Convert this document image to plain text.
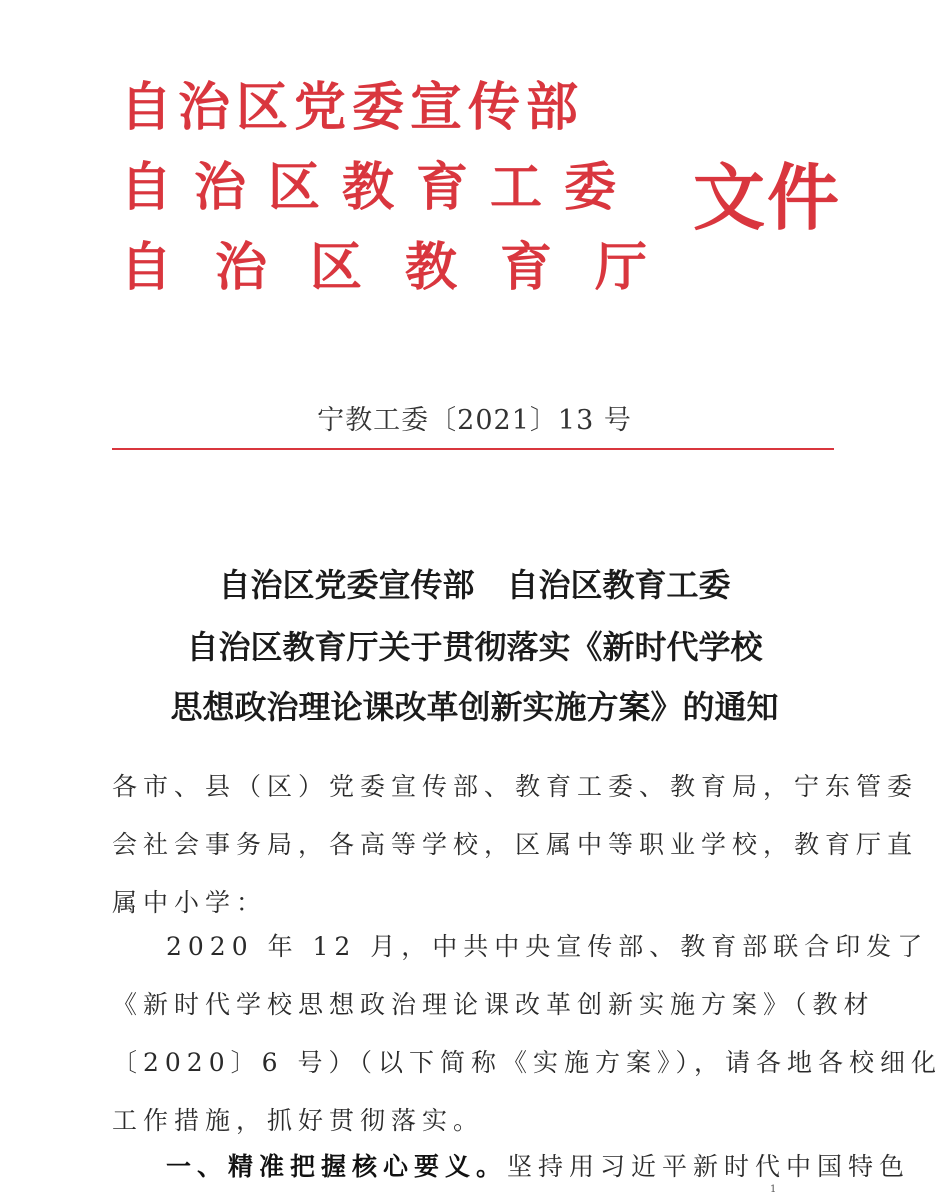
自治区党委宣传部
自治区教育工委
自治区教育厅
文件
宁教工委〔2021〕13 号
自治区党委宣传部　自治区教育工委
自治区教育厅关于贯彻落实《新时代学校
思想政治理论课改革创新实施方案》的通知
各市、县（区）党委宣传部、教育工委、教育局，宁东管委
会社会事务局，各高等学校，区属中等职业学校，教育厅直
属中小学：
2020 年 12 月，中共中央宣传部、教育部联合印发了
《新时代学校思想政治理论课改革创新实施方案》（教材
〔2020〕6 号）（以下简称《实施方案》），请各地各校细化
工作措施，抓好贯彻落实。
一、精准把握核心要义。坚持用习近平新时代中国特色
1
